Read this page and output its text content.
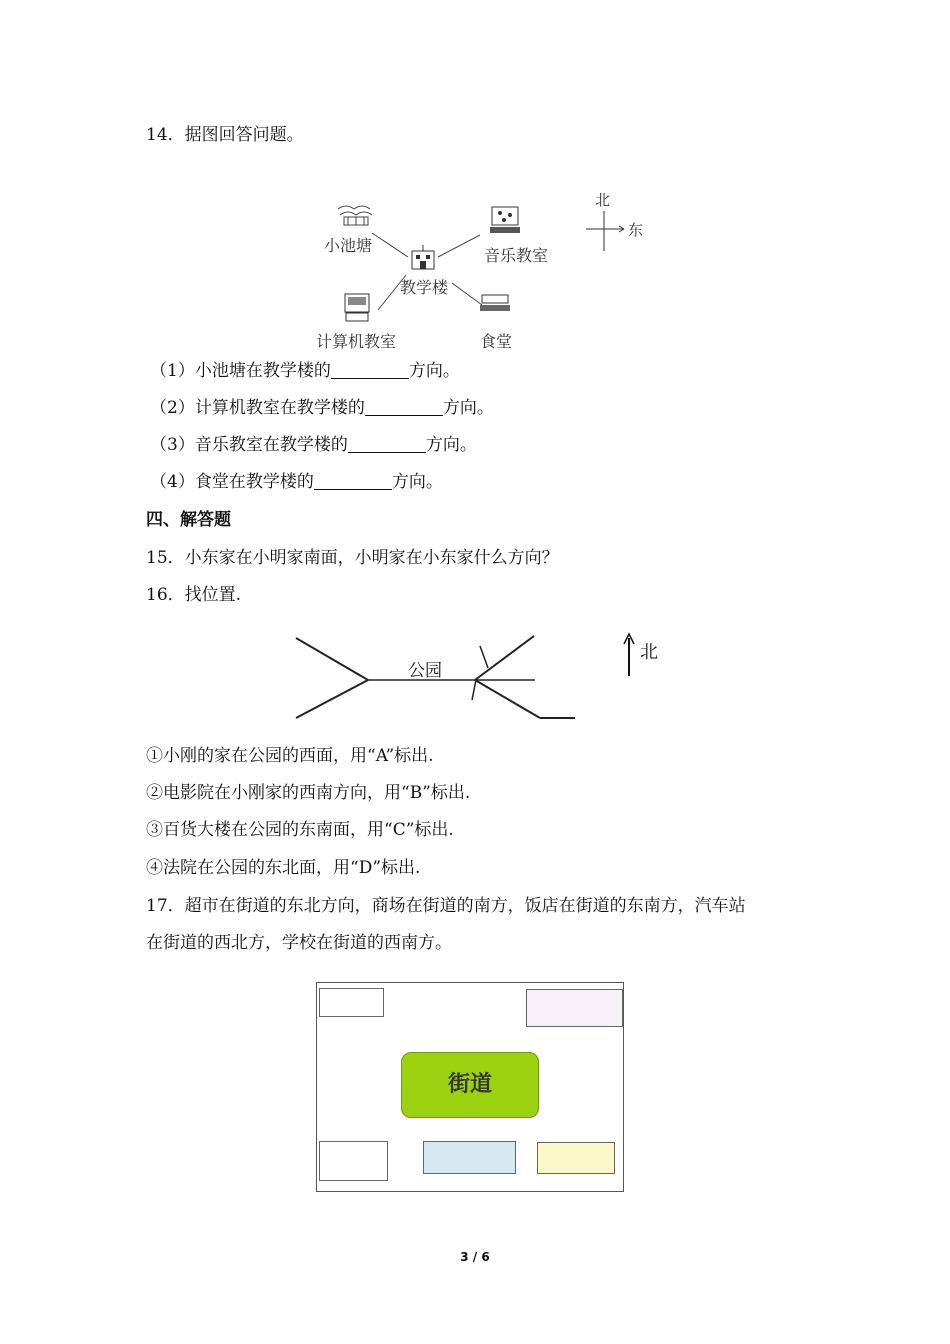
14．据图回答问题。
小池塘
音乐教室
教学楼
计算机教室	食堂
北
东
（1）小池塘在教学楼的	方向。
（2）计算机教室在教学楼的	方向。
（3）音乐教室在教学楼的	方向。
（4）食堂在教学楼的	方向。
四、解答题
15．小东家在小明家南面，小明家在小东家什么方向？
16．找位置.
公园
北
①小刚的家在公园的西面，用“A”标出.
②电影院在小刚家的西南方向，用“B”标出.
③百货大楼在公园的东南面，用“C”标出.
④法院在公园的东北面，用“D”标出.
17．超市在街道的东北方向，商场在街道的南方，饭店在街道的东南方，汽车站
在街道的西北方，学校在街道的西南方。
街道
3 / 6
